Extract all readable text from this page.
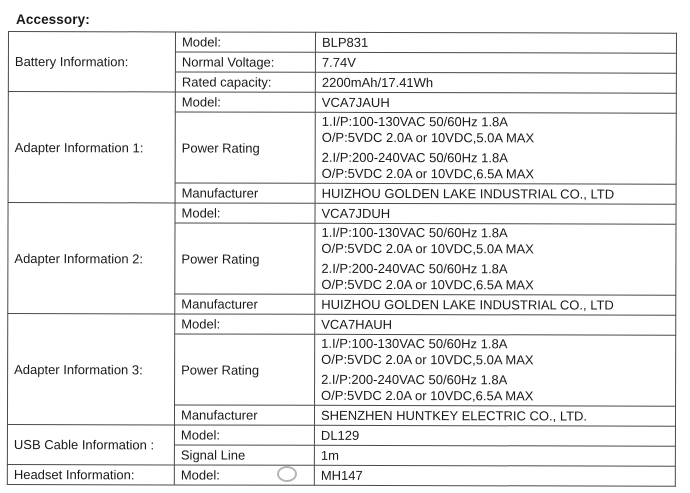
Accessory:
Battery Information:	Model:	BLP831
	Normal Voltage:	7.74V
	Rated capacity:	2200mAh/17.41Wh
Adapter Information 1:	Model:	VCA7JAUH
	Power Rating	1.I/P:100-130VAC 50/60Hz 1.8A
O/P:5VDC 2.0A or 10VDC,5.0A MAX
2.I/P:200-240VAC 50/60Hz 1.8A
O/P:5VDC 2.0A or 10VDC,6.5A MAX

	Manufacturer	HUIZHOU GOLDEN LAKE INDUSTRIAL CO., LTD
Adapter Information 2:	Model:	VCA7JDUH
	Power Rating	1.I/P:100-130VAC 50/60Hz 1.8A
O/P:5VDC 2.0A or 10VDC,5.0A MAX
2.I/P:200-240VAC 50/60Hz 1.8A
O/P:5VDC 2.0A or 10VDC,6.5A MAX

	Manufacturer	HUIZHOU GOLDEN LAKE INDUSTRIAL CO., LTD
Adapter Information 3:	Model:	VCA7HAUH
	Power Rating	1.I/P:100-130VAC 50/60Hz 1.8A
O/P:5VDC 2.0A or 10VDC,5.0A MAX
2.I/P:200-240VAC 50/60Hz 1.8A
O/P:5VDC 2.0A or 10VDC,6.5A MAX

	Manufacturer	SHENZHEN HUNTKEY ELECTRIC CO., LTD.
USB Cable Information :	Model:	DL129
	Signal Line	1m
Headset Information:	Model:	MH147
